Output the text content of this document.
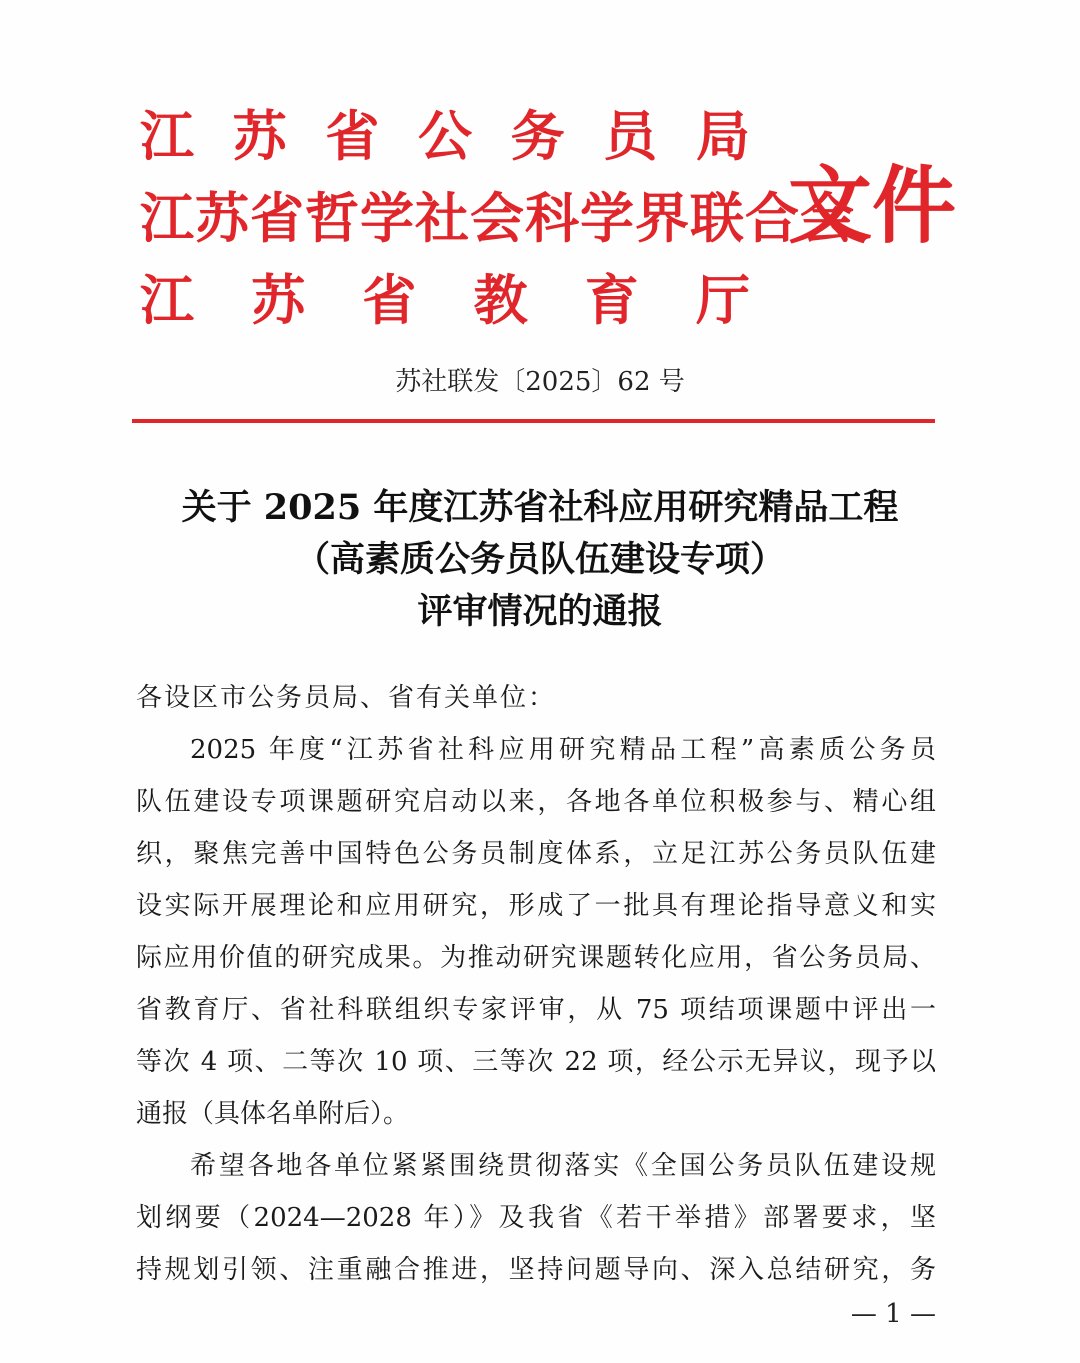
江 苏 省 公 务 员 局
江苏省哲学社会科学界联合会
江 苏 省 教 育 厅
文件
苏社联发〔2025〕62 号
关于 2025 年度江苏省社科应用研究精品工程
（高素质公务员队伍建设专项）
评审情况的通报
各设区市公务员局、省有关单位：
2025 年度“江苏省社科应用研究精品工程”高素质公务员
队伍建设专项课题研究启动以来，各地各单位积极参与、精心组
织，聚焦完善中国特色公务员制度体系，立足江苏公务员队伍建
设实际开展理论和应用研究，形成了一批具有理论指导意义和实
际应用价值的研究成果。为推动研究课题转化应用，省公务员局、
省教育厅、省社科联组织专家评审，从 75 项结项课题中评出一
等次 4 项、二等次 10 项、三等次 22 项，经公示无异议，现予以
通报（具体名单附后）。
希望各地各单位紧紧围绕贯彻落实《全国公务员队伍建设规
划纲要（2024—2028 年）》及我省《若干举措》部署要求，坚
持规划引领、注重融合推进，坚持问题导向、深入总结研究，务
— 1 —
